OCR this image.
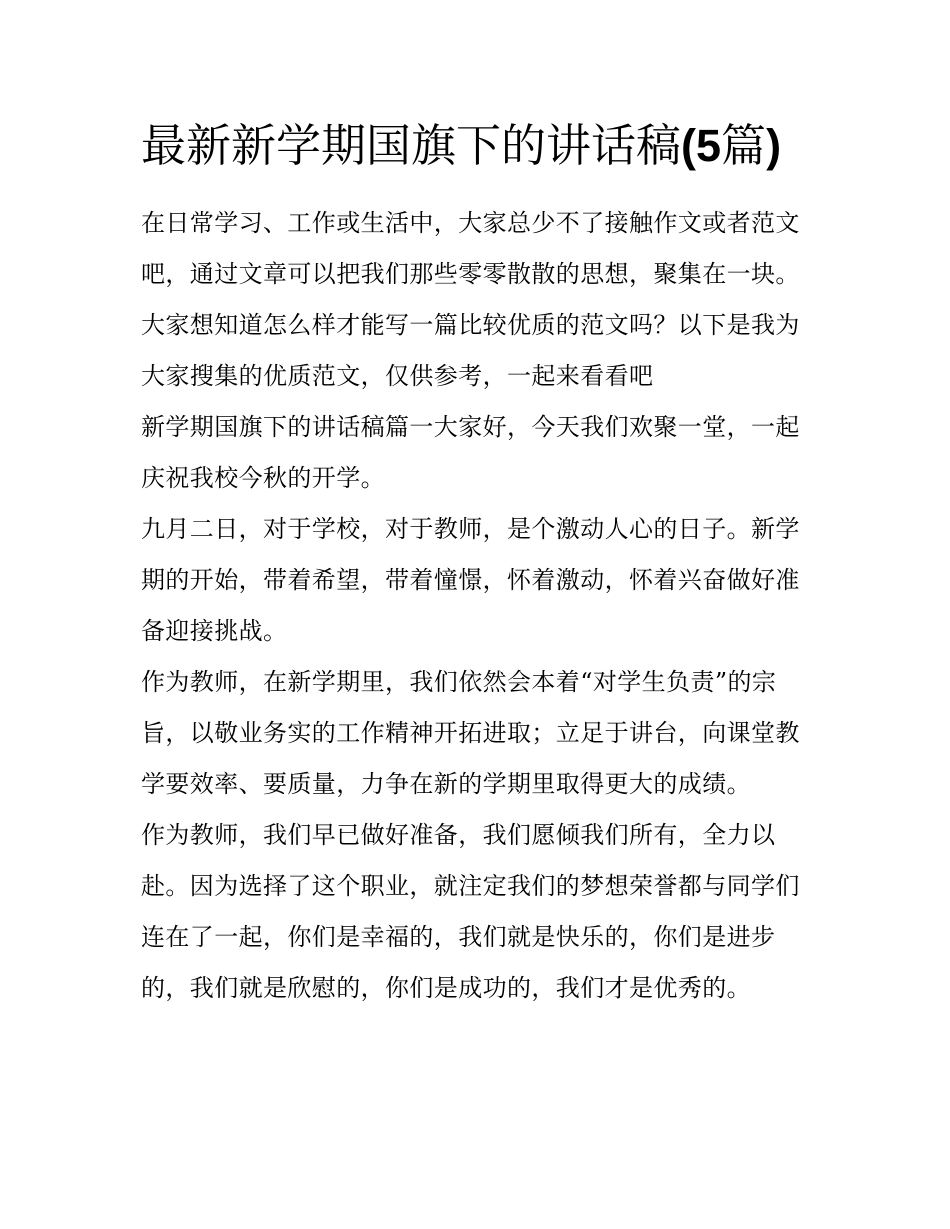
最新新学期国旗下的讲话稿(5篇)

在日常学习、工作或生活中，大家总少不了接触作文或者范文吧，通过文章可以把我们那些零零散散的思想，聚集在一块。大家想知道怎么样才能写一篇比较优质的范文吗？以下是我为大家搜集的优质范文，仅供参考，一起来看看吧

新学期国旗下的讲话稿篇一大家好，今天我们欢聚一堂，一起庆祝我校今秋的开学。

九月二日，对于学校，对于教师，是个激动人心的日子。新学期的开始，带着希望，带着憧憬，怀着激动，怀着兴奋做好准备迎接挑战。

作为教师，在新学期里，我们依然会本着“对学生负责”的宗旨，以敬业务实的工作精神开拓进取；立足于讲台，向课堂教学要效率、要质量，力争在新的学期里取得更大的成绩。

作为教师，我们早已做好准备，我们愿倾我们所有，全力以赴。因为选择了这个职业，就注定我们的梦想荣誉都与同学们连在了一起，你们是幸福的，我们就是快乐的，你们是进步的，我们就是欣慰的，你们是成功的，我们才是优秀的。
